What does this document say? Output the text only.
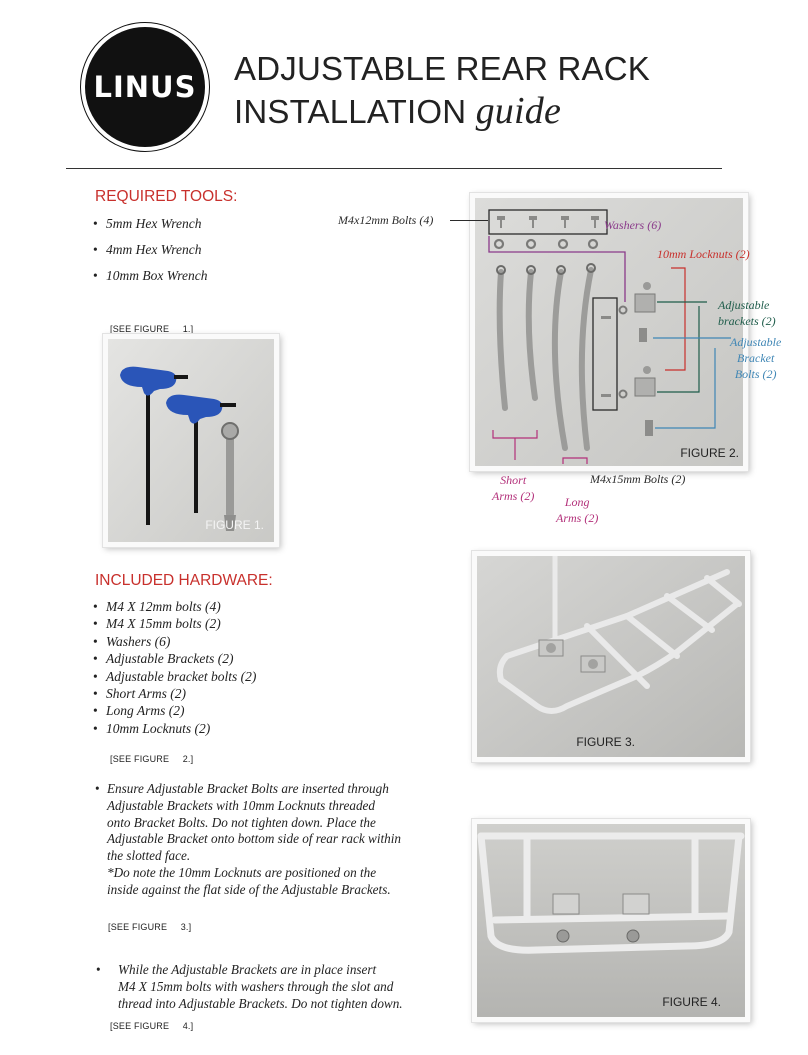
LINUS ADJUSTABLE REAR RACK
INSTALLATION guide
REQUIRED TOOLS:
• 5mm Hex Wrench
• 4mm Hex Wrench
• 10mm Box Wrench
[SEE FIGURE     1.]
FIGURE 1.
FIGURE 2.
M4x12mm Bolts (4)	Washers (6)
10mm Locknuts (2)
Adjustable
brackets (2)
Adjustable
Bracket
Bolts (2)
Short
Arms (2)	Long
Arms (2)
M4x15mm Bolts (2)
INCLUDED HARDWARE:
• M4 X 12mm bolts (4)
• M4 X 15mm bolts (2)
• Washers (6)
• Adjustable Brackets (2)
• Adjustable bracket bolts (2)
• Short Arms (2)
• Long Arms (2)
• 10mm Locknuts (2)
[SEE FIGURE     2.]
• Ensure Adjustable Bracket Bolts are inserted through
Adjustable Brackets with 10mm Locknuts threaded
onto Bracket Bolts. Do not tighten down. Place the
Adjustable Bracket onto bottom side of rear rack within
the slotted face.
*Do note the 10mm Locknuts are positioned on the
inside against the flat side of the Adjustable Brackets.
[SEE FIGURE     3.]
FIGURE 3.
• While the Adjustable Brackets are in place insert
M4 X 15mm bolts with washers through the slot and
thread into Adjustable Brackets. Do not tighten down.
[SEE FIGURE     4.]
FIGURE 4.
